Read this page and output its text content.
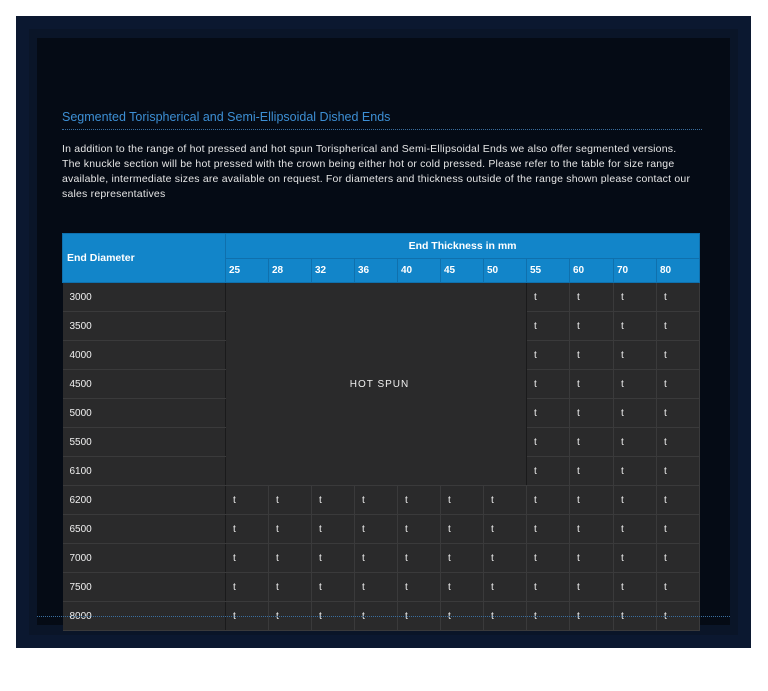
Segmented Torispherical and Semi-Ellipsoidal Dished Ends

In addition to the range of hot pressed and hot spun Torispherical and Semi-Ellipsoidal Ends we also offer segmented versions.

The knuckle section will be hot pressed with the crown being either hot or cold pressed. Please refer to the table for size range available, intermediate sizes are available on request. For diameters and thickness outside of the range shown please contact our sales representatives

End Diameter	End Thickness in mm										
	25	28	32	36	40	45	50	55	60	70	80
3000	HOT SPUN							t	t	t	t
3500								t	t	t	t
4000								t	t	t	t
4500								t	t	t	t
5000								t	t	t	t
5500								t	t	t	t
6100								t	t	t	t
6200	t	t	t	t	t	t	t	t	t	t	t
6500	t	t	t	t	t	t	t	t	t	t	t
7000	t	t	t	t	t	t	t	t	t	t	t
7500	t	t	t	t	t	t	t	t	t	t	t
8000	t	t	t	t	t	t	t	t	t	t	t
